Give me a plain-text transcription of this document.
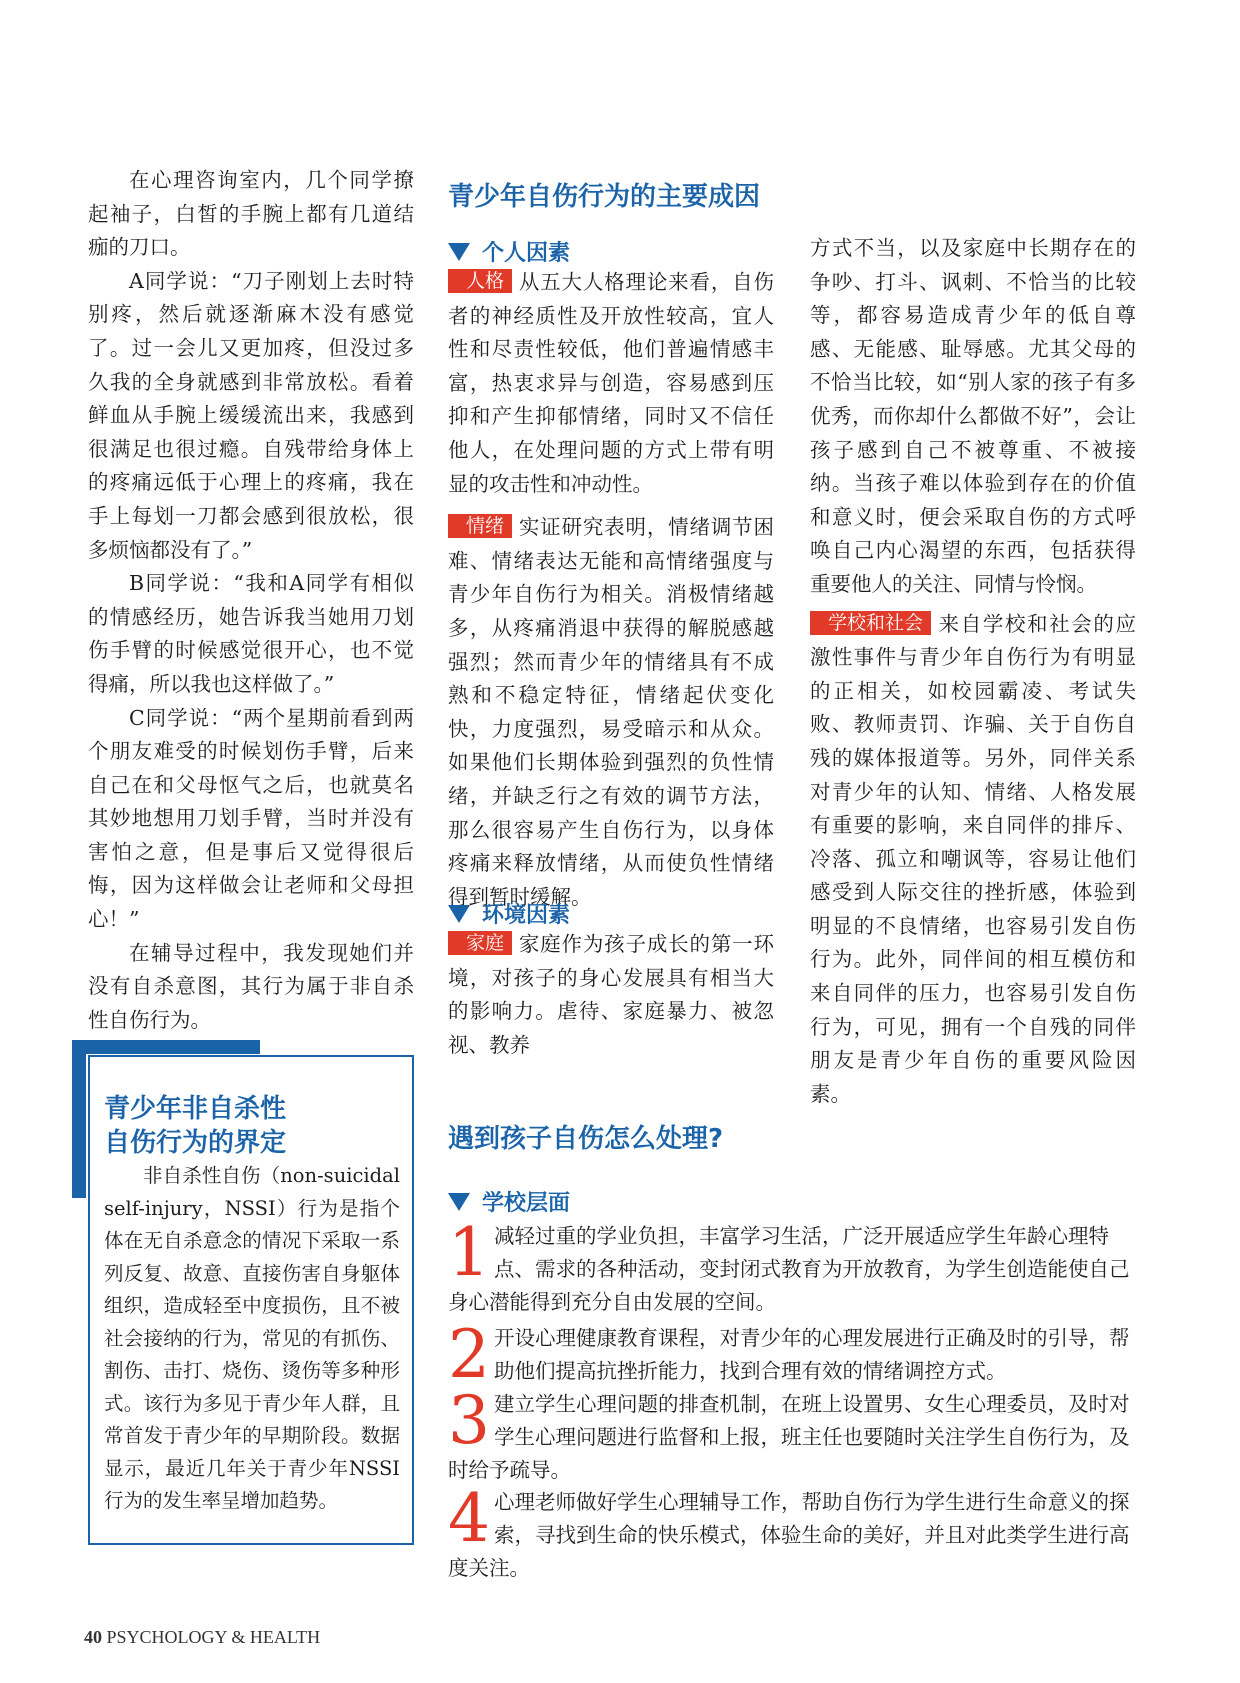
在心理咨询室内，几个同学撩起袖子，白皙的手腕上都有几道结痂的刀口。

A同学说：“刀子刚划上去时特别疼，然后就逐渐麻木没有感觉了。过一会儿又更加疼，但没过多久我的全身就感到非常放松。看着鲜血从手腕上缓缓流出来，我感到很满足也很过瘾。自残带给身体上的疼痛远低于心理上的疼痛，我在手上每划一刀都会感到很放松，很多烦恼都没有了。”

B同学说：“我和A同学有相似的情感经历，她告诉我当她用刀划伤手臂的时候感觉很开心，也不觉得痛，所以我也这样做了。”

C同学说：“两个星期前看到两个朋友难受的时候划伤手臂，后来自己在和父母怄气之后，也就莫名其妙地想用刀划手臂，当时并没有害怕之意，但是事后又觉得很后悔，因为这样做会让老师和父母担心！”

在辅导过程中，我发现她们并没有自杀意图，其行为属于非自杀性自伤行为。

青少年自伤行为的主要成因
个人因素

人格 从五大人格理论来看，自伤者的神经质性及开放性较高，宜人性和尽责性较低，他们普遍情感丰富，热衷求异与创造，容易感到压抑和产生抑郁情绪，同时又不信任他人，在处理问题的方式上带有明显的攻击性和冲动性。

情绪 实证研究表明，情绪调节困难、情绪表达无能和高情绪强度与青少年自伤行为相关。消极情绪越多，从疼痛消退中获得的解脱感越强烈；然而青少年的情绪具有不成熟和不稳定特征，情绪起伏变化快，力度强烈，易受暗示和从众。如果他们长期体验到强烈的负性情绪，并缺乏行之有效的调节方法，那么很容易产生自伤行为，以身体疼痛来释放情绪，从而使负性情绪得到暂时缓解。

环境因素

家庭 家庭作为孩子成长的第一环境，对孩子的身心发展具有相当大的影响力。虐待、家庭暴力、被忽视、教养

方式不当，以及家庭中长期存在的争吵、打斗、讽刺、不恰当的比较等，都容易造成青少年的低自尊感、无能感、耻辱感。尤其父母的不恰当比较，如“别人家的孩子有多优秀，而你却什么都做不好”，会让孩子感到自己不被尊重、不被接纳。当孩子难以体验到存在的价值和意义时，便会采取自伤的方式呼唤自己内心渴望的东西，包括获得重要他人的关注、同情与怜悯。

学校和社会 来自学校和社会的应激性事件与青少年自伤行为有明显的正相关，如校园霸凌、考试失败、教师责罚、诈骗、关于自伤自残的媒体报道等。另外，同伴关系对青少年的认知、情绪、人格发展有重要的影响，来自同伴的排斥、冷落、孤立和嘲讽等，容易让他们感受到人际交往的挫折感，体验到明显的不良情绪，也容易引发自伤行为。此外，同伴间的相互模仿和来自同伴的压力，也容易引发自伤行为，可见，拥有一个自残的同伴朋友是青少年自伤的重要风险因素。

青少年非自杀性
自伤行为的界定

非自杀性自伤（non-suicidal self-injury，NSSI）行为是指个体在无自杀意念的情况下采取一系列反复、故意、直接伤害自身躯体组织，造成轻至中度损伤，且不被社会接纳的行为，常见的有抓伤、割伤、击打、烧伤、烫伤等多种形式。该行为多见于青少年人群，且常首发于青少年的早期阶段。数据显示，最近几年关于青少年NSSI行为的发生率呈增加趋势。

遇到孩子自伤怎么处理?
学校层面
1 减轻过重的学业负担，丰富学习生活，广泛开展适应学生年龄心理特点、需求的各种活动，变封闭式教育为开放教育，为学生创造能使自己身心潜能得到充分自由发展的空间。
2 开设心理健康教育课程，对青少年的心理发展进行正确及时的引导，帮助他们提高抗挫折能力，找到合理有效的情绪调控方式。
3 建立学生心理问题的排查机制，在班上设置男、女生心理委员，及时对学生心理问题进行监督和上报，班主任也要随时关注学生自伤行为，及时给予疏导。
4 心理老师做好学生心理辅导工作，帮助自伤行为学生进行生命意义的探索，寻找到生命的快乐模式，体验生命的美好，并且对此类学生进行高度关注。
40 PSYCHOLOGY & HEALTH
